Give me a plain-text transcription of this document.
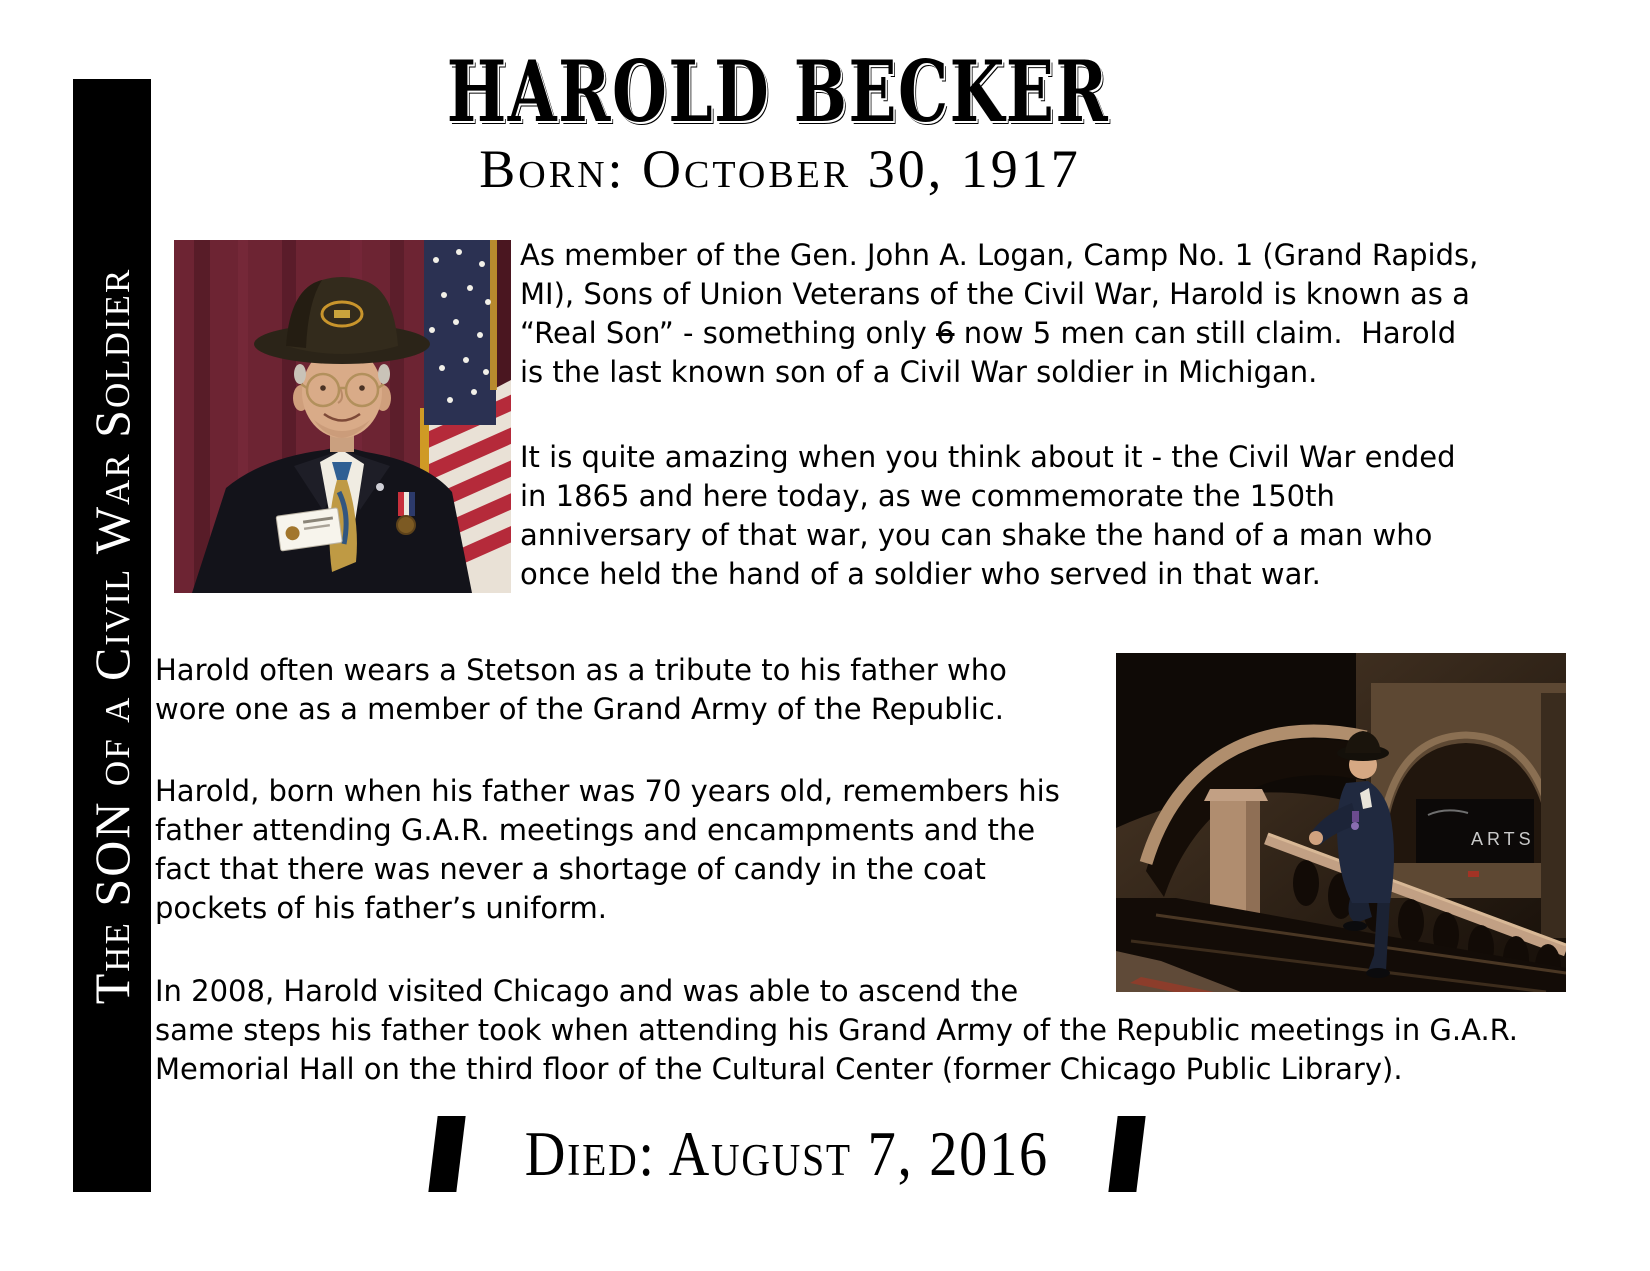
The SON of a Civil War Soldier
HAROLD BECKER
Born: October 30, 1917

As member of the Gen. John A. Logan, Camp No. 1 (Grand Rapids, MI), Sons of Union Veterans of the Civil War, Harold is known as a “Real Son” - something only 6 now 5 men can still claim.  Harold is the last known son of a Civil War soldier in Michigan.

It is quite amazing when you think about it - the Civil War ended in 1865 and here today, as we commemorate the 150th anniversary of that war, you can shake the hand of a man who once held the hand of a soldier who served in that war.

ARTS

Harold often wears a Stetson as a tribute to his father who wore one as a member of the Grand Army of the Republic.

Harold, born when his father was 70 years old, remembers his father attending G.A.R. meetings and encampments and the fact that there was never a shortage of candy in the coat pockets of his father’s uniform.

In 2008, Harold visited Chicago and was able to ascend the same steps his father took when attending his Grand Army of the Republic meetings in G.A.R. Memorial Hall on the third floor of the Cultural Center (former Chicago Public Library).

Died: August 7, 2016
